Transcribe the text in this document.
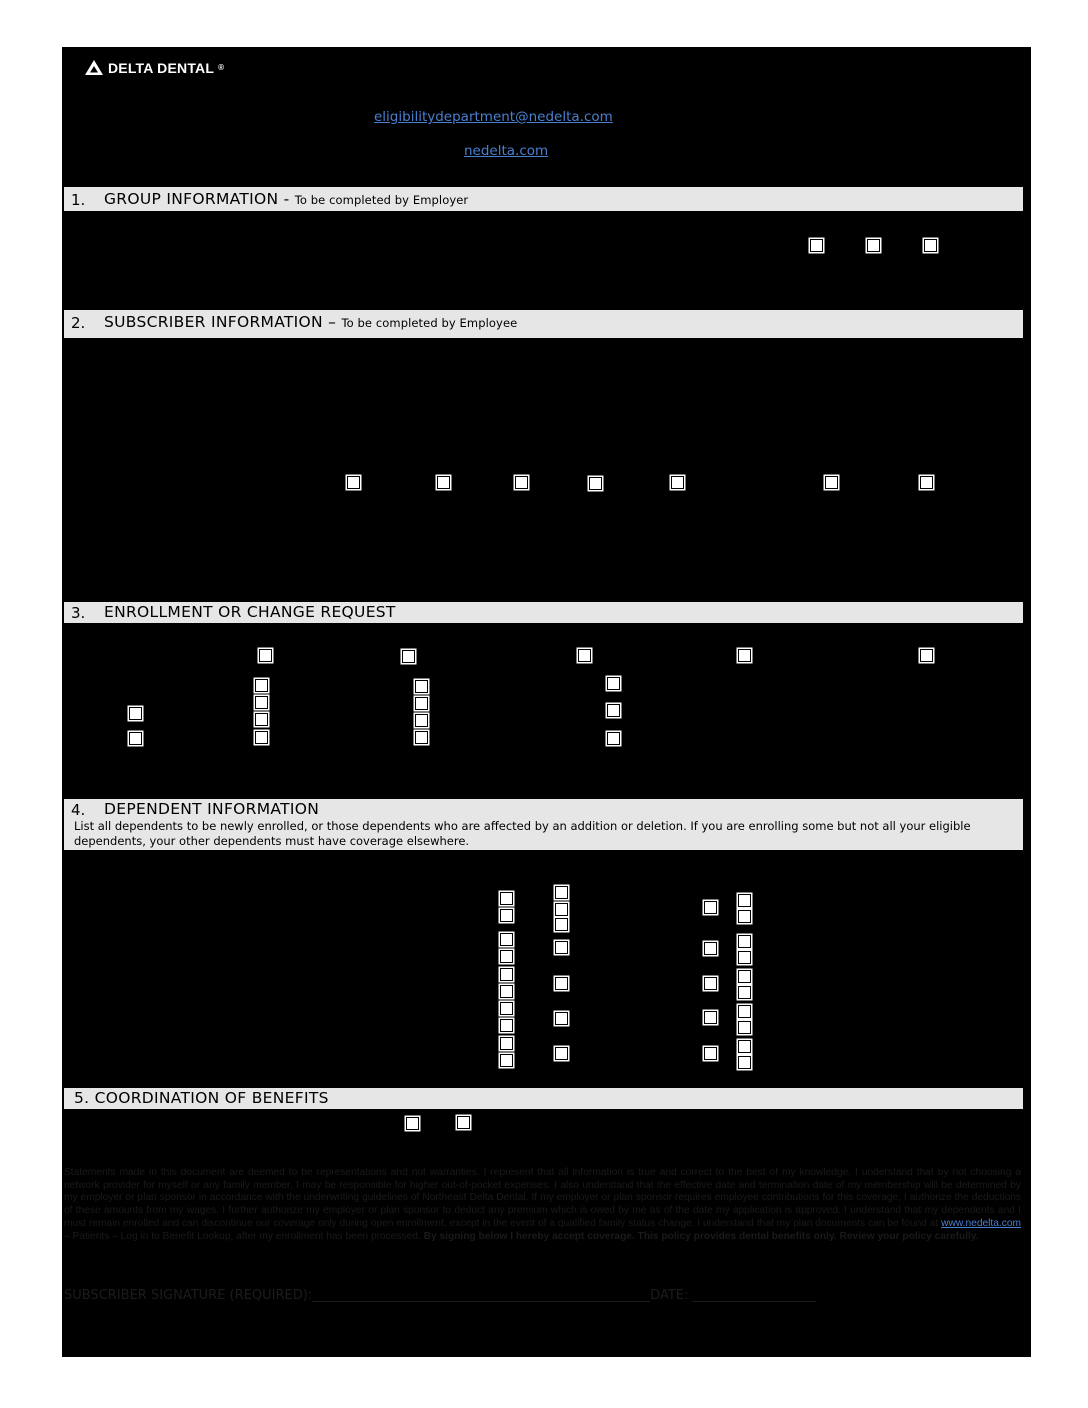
DELTA DENTAL ®
eligibilitydepartment@nedelta.com
nedelta.com
1. GROUP INFORMATION - To be completed by Employer
2. SUBSCRIBER INFORMATION – To be completed by Employee
3. ENROLLMENT OR CHANGE REQUEST
4. DEPENDENT INFORMATION
List all dependents to be newly enrolled, or those dependents who are affected by an addition or deletion. If you are enrolling some but not all your eligible dependents, your other dependents must have coverage elsewhere.
5. COORDINATION OF BENEFITS
Statements made in this document are deemed to be representations and not warranties. I represent that all information is true and correct to the best of my knowledge. I understand that by not choosing a network provider for myself or any family member, I may be responsible for higher out-of-pocket expenses. I also understand that the effective date and termination date of my membership will be determined by my employer or plan sponsor in accordance with the underwriting guidelines of Northeast Delta Dental. If my employer or plan sponsor requires employee contributions for this coverage, I authorize the deductions of these amounts from my wages. I further authorize my employer or plan sponsor to deduct any premium which is owed by me as of the date my application is approved. I understand that my dependents and I must remain enrolled and can discontinue our coverage only during open enrollment, except in the event of a qualified family status change. I understand that my plan documents can be found at www.nedelta.com – Patients – Log in to Benefit Lookup, after my enrollment has been processed. By signing below I hereby accept coverage. This policy provides dental benefits only. Review your policy carefully.
SUBSCRIBER SIGNATURE (REQUIRED):____________________________________________________DATE: ___________________
